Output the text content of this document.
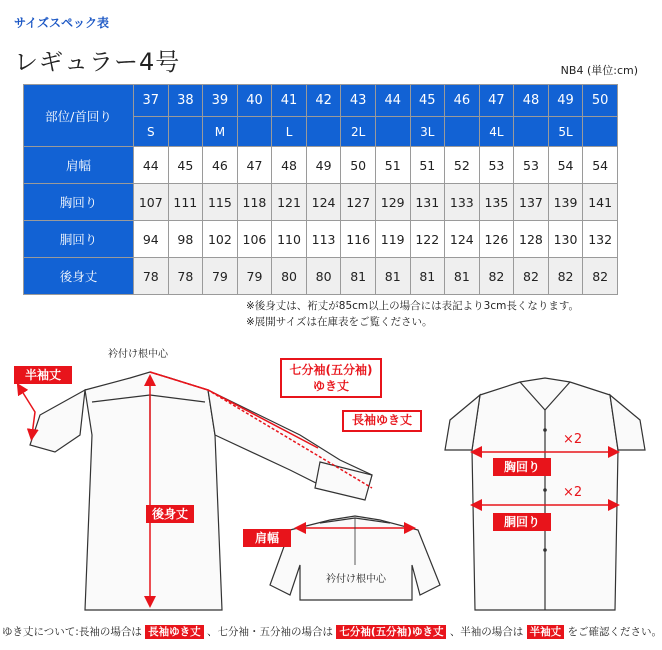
サイズスペック表
レギュラー4号	NB4 (単位:cm)
部位/首回り	37	38	39	40	41	42	43	44	45	46	47	48	49	50
	S		M		L		2L		3L		4L		5L	
肩幅	44	45	46	47	48	49	50	51	51	52	53	53	54	54
胸回り	107	111	115	118	121	124	127	129	131	133	135	137	139	141
胴回り	94	98	102	106	110	113	116	119	122	124	126	128	130	132
後身丈	78	78	79	79	80	80	81	81	81	81	82	82	82	82
※後身丈は、裄丈が85cm以上の場合には表記より3cm長くなります。
※展開サイズは在庫表をご覧ください。
衿付け根中心
半袖丈	七分袖(五分袖)
ゆき丈
長袖ゆき丈
後身丈
肩幅
衿付け根中心
×2
×2
胸回り
胴回り
ゆき丈について:長袖の場合は 長袖ゆき丈 、七分袖・五分袖の場合は 七分袖(五分袖)ゆき丈 、半袖の場合は 半袖丈 をご確認ください。
